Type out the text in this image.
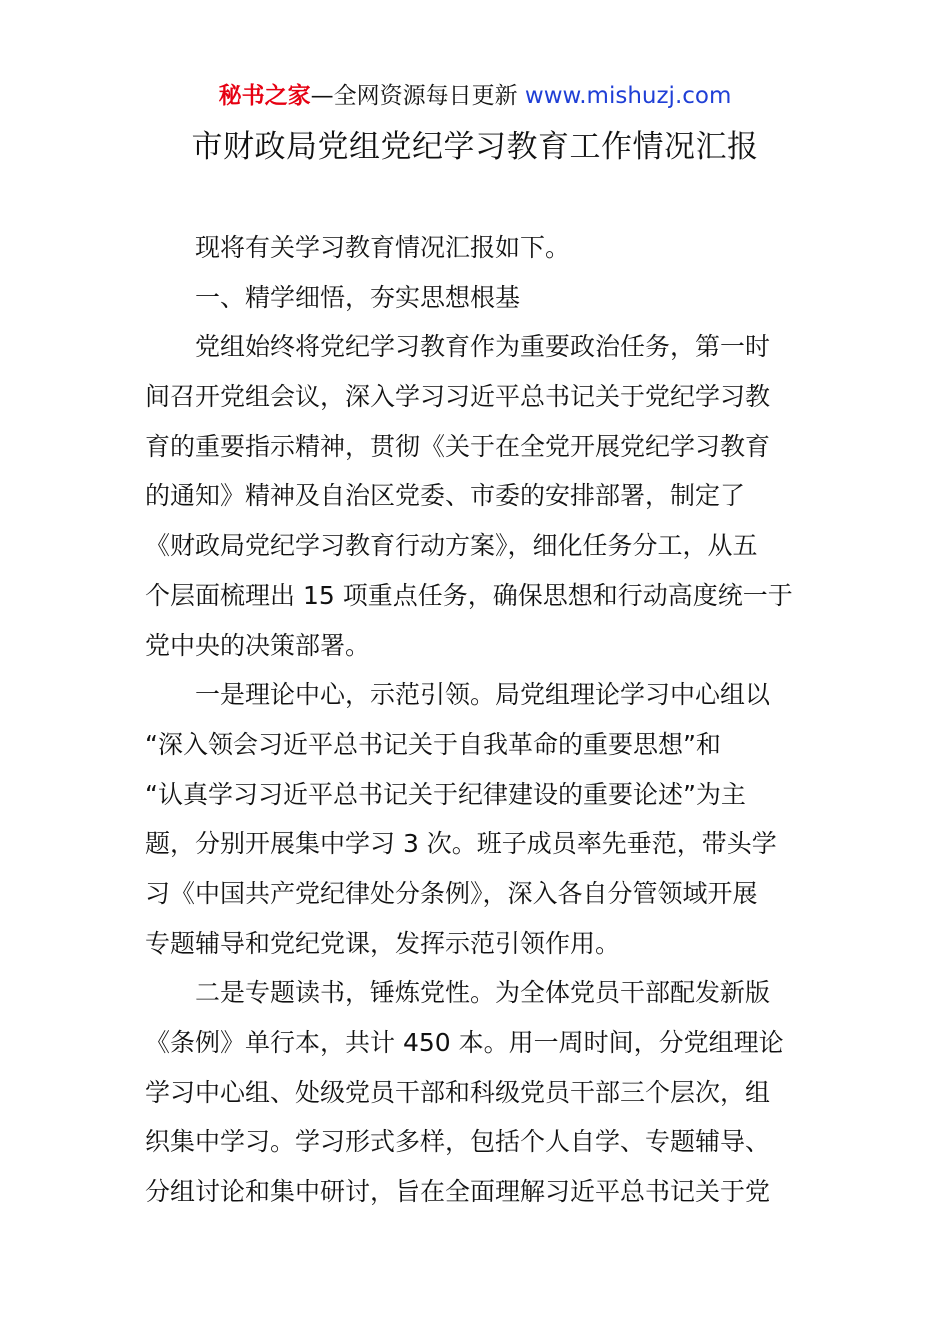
秘书之家—全网资源每日更新 www.mishuzj.com
市财政局党组党纪学习教育工作情况汇报
现将有关学习教育情况汇报如下。
一、精学细悟，夯实思想根基
党组始终将党纪学习教育作为重要政治任务，第一时
间召开党组会议，深入学习习近平总书记关于党纪学习教
育的重要指示精神，贯彻《关于在全党开展党纪学习教育
的通知》精神及自治区党委、市委的安排部署，制定了
《财政局党纪学习教育行动方案》，细化任务分工，从五
个层面梳理出 15 项重点任务，确保思想和行动高度统一于
党中央的决策部署。
一是理论中心，示范引领。局党组理论学习中心组以
“深入领会习近平总书记关于自我革命的重要思想”和
“认真学习习近平总书记关于纪律建设的重要论述”为主
题，分别开展集中学习 3 次。班子成员率先垂范，带头学
习《中国共产党纪律处分条例》，深入各自分管领域开展
专题辅导和党纪党课，发挥示范引领作用。
二是专题读书，锤炼党性。为全体党员干部配发新版
《条例》单行本，共计 450 本。用一周时间，分党组理论
学习中心组、处级党员干部和科级党员干部三个层次，组
织集中学习。学习形式多样，包括个人自学、专题辅导、
分组讨论和集中研讨，旨在全面理解习近平总书记关于党
